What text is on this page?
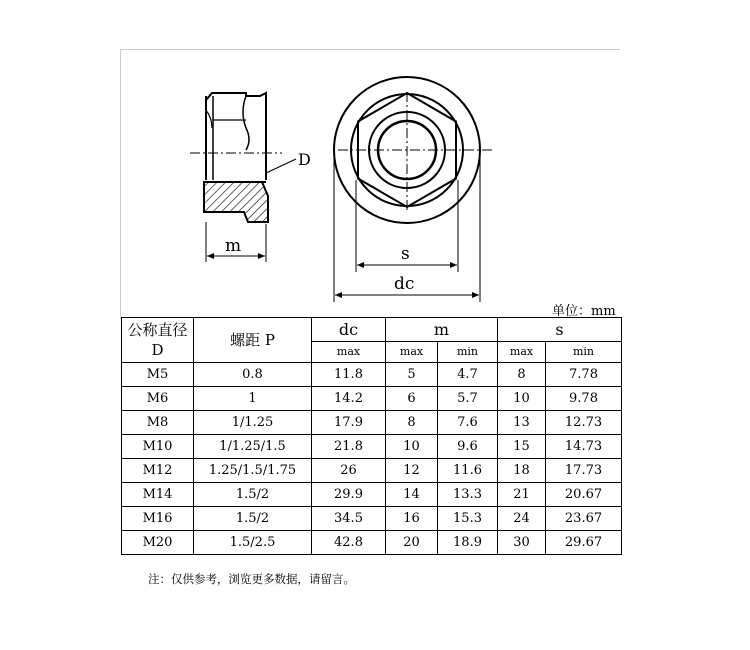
D
m	s
dc
单位：mm
公称直径
D	螺距 P	dc	m		s	
		max	max	min	max	min
M5	0.8	11.8	5	4.7	8	7.78
M6	1	14.2	6	5.7	10	9.78
M8	1/1.25	17.9	8	7.6	13	12.73
M10	1/1.25/1.5	21.8	10	9.6	15	14.73
M12	1.25/1.5/1.75	26	12	11.6	18	17.73
M14	1.5/2	29.9	14	13.3	21	20.67
M16	1.5/2	34.5	16	15.3	24	23.67
M20	1.5/2.5	42.8	20	18.9	30	29.67
注：仅供参考，浏览更多数据，请留言。
